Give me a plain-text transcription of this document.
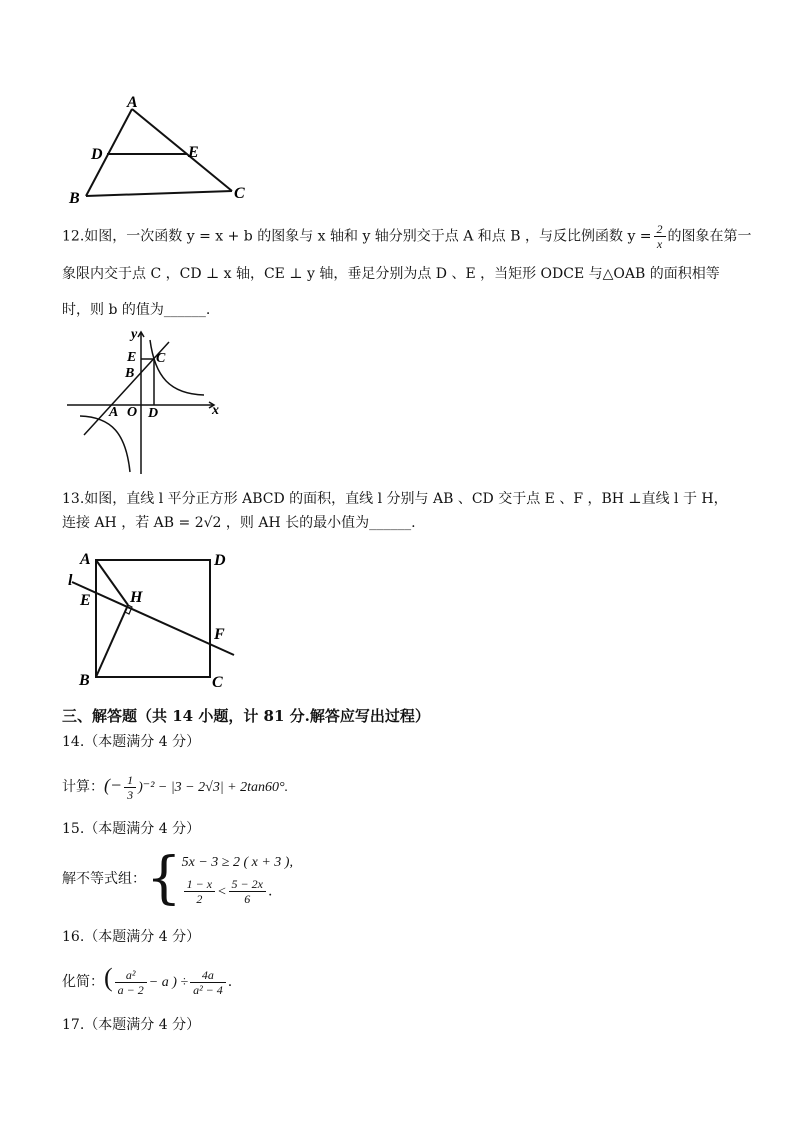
A
D	E
B	C
12.如图，一次函数 y = x + b 的图象与 x 轴和 y 轴分别交于点 A 和点 B ，与反比例函数 $y = \frac{2}{x}$ 的图象在第一
象限内交于点 C ，CD ⊥ x 轴，CE ⊥ y 轴，垂足分别为点 D 、E ，当矩形 ODCE 与△OAB 的面积相等
时，则 b 的值为______.
y
E C
B
A O D	x
13.如图，直线 l 平分正方形 ABCD 的面积，直线 l 分别与 AB 、CD 交于点 E 、F ，BH ⊥直线 l 于 H，
连接 AH ，若 AB = 2√2 ，则 AH 长的最小值为______.
A	D
l
E H
F
B	C
三、解答题（共 14 小题，计 81 分.解答应写出过程）
14.（本题满分 4 分）
计算：(− $\frac{1}{3} )^{-2} - |3 - 2√3| + 2\tan 60^\circ$.
15.（本题满分 4 分）
解不等式组：{ 5x − 3 ≥ 2 ( x + 3 ),
$\frac{1 - x}{2} < \frac{5 - 2x}{6}$ .
16.（本题满分 4 分）
化简：( $\frac{\text{a²}}{a - 2} - a$ ) ÷ $\frac{4a}{\text{a² − 4}}$ .
17.（本题满分 4 分）
